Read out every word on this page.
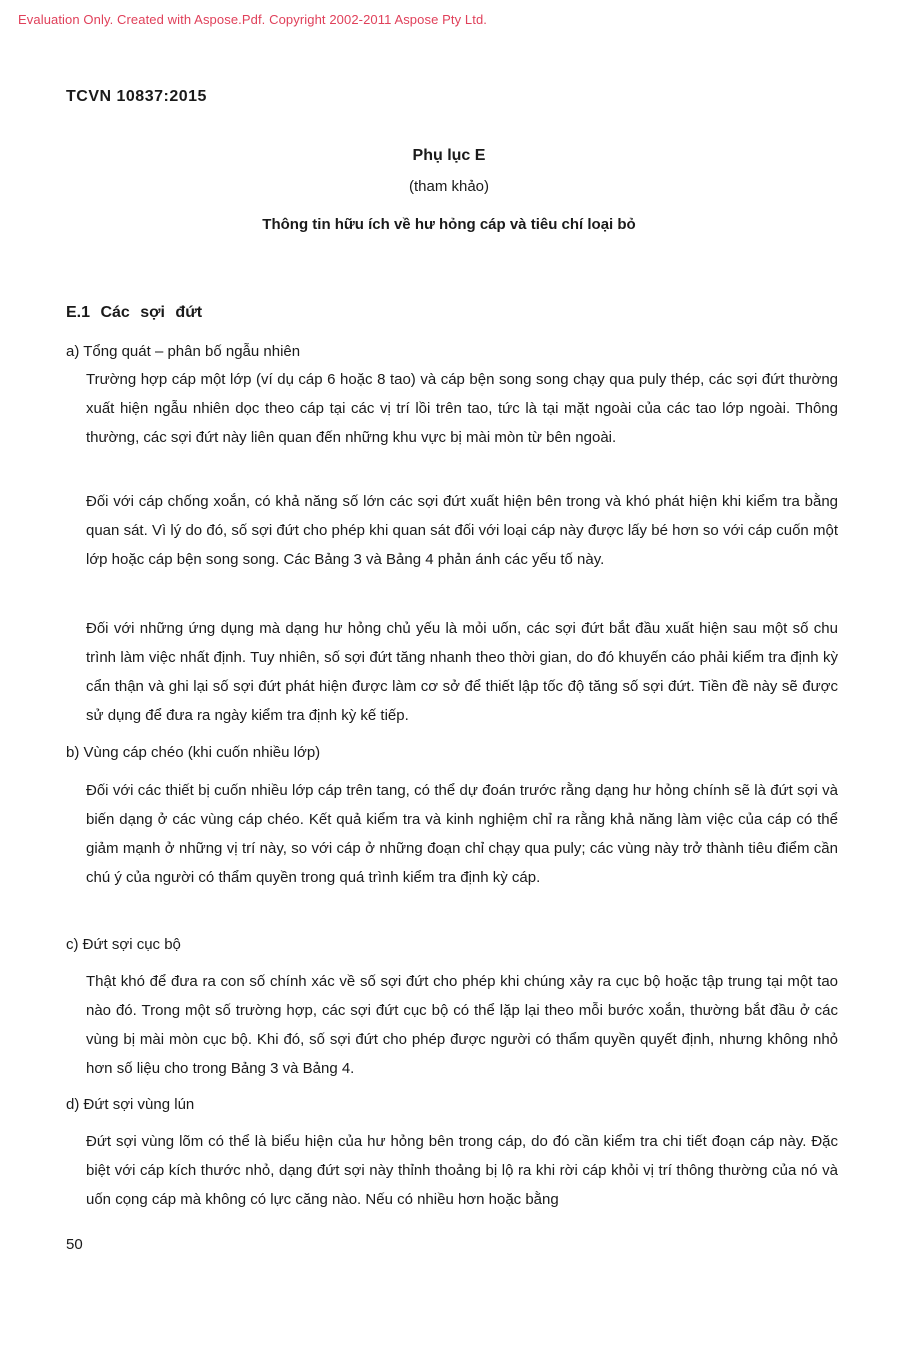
Evaluation Only. Created with Aspose.Pdf. Copyright 2002-2011 Aspose Pty Ltd.
TCVN 10837:2015
Phụ lục E
(tham khảo)
Thông tin hữu ích về hư hỏng cáp và tiêu chí loại bỏ
E.1 Các sợi đứt
a) Tổng quát – phân bố ngẫu nhiên

Trường hợp cáp một lớp (ví dụ cáp 6 hoặc 8 tao) và cáp bện song song chạy qua puly thép, các sợi đứt thường xuất hiện ngẫu nhiên dọc theo cáp tại các vị trí lồi trên tao, tức là tại mặt ngoài của các tao lớp ngoài. Thông thường, các sợi đứt này liên quan đến những khu vực bị mài mòn từ bên ngoài.

Đối với cáp chống xoắn, có khả năng số lớn các sợi đứt xuất hiện bên trong và khó phát hiện khi kiểm tra bằng quan sát. Vì lý do đó, số sợi đứt cho phép khi quan sát đối với loại cáp này được lấy bé hơn so với cáp cuốn một lớp hoặc cáp bện song song. Các Bảng 3 và Bảng 4 phản ánh các yếu tố này.

Đối với những ứng dụng mà dạng hư hỏng chủ yếu là mỏi uốn, các sợi đứt bắt đầu xuất hiện sau một số chu trình làm việc nhất định. Tuy nhiên, số sợi đứt tăng nhanh theo thời gian, do đó khuyến cáo phải kiểm tra định kỳ cẩn thận và ghi lại số sợi đứt phát hiện được làm cơ sở để thiết lập tốc độ tăng số sợi đứt. Tiền đề này sẽ được sử dụng để đưa ra ngày kiểm tra định kỳ kế tiếp.

b) Vùng cáp chéo (khi cuốn nhiều lớp)

Đối với các thiết bị cuốn nhiều lớp cáp trên tang, có thể dự đoán trước rằng dạng hư hỏng chính sẽ là đứt sợi và biến dạng ở các vùng cáp chéo. Kết quả kiểm tra và kinh nghiệm chỉ ra rằng khả năng làm việc của cáp có thể giảm mạnh ở những vị trí này, so với cáp ở những đoạn chỉ chạy qua puly; các vùng này trở thành tiêu điểm cần chú ý của người có thẩm quyền trong quá trình kiểm tra định kỳ cáp.

c) Đứt sợi cục bộ

Thật khó để đưa ra con số chính xác về số sợi đứt cho phép khi chúng xảy ra cục bộ hoặc tập trung tại một tao nào đó. Trong một số trường hợp, các sợi đứt cục bộ có thể lặp lại theo mỗi bước xoắn, thường bắt đầu ở các vùng bị mài mòn cục bộ. Khi đó, số sợi đứt cho phép được người có thẩm quyền quyết định, nhưng không nhỏ hơn số liệu cho trong Bảng 3 và Bảng 4.

d) Đứt sợi vùng lún

Đứt sợi vùng lõm có thể là biểu hiện của hư hỏng bên trong cáp, do đó cần kiểm tra chi tiết đoạn cáp này. Đặc biệt với cáp kích thước nhỏ, dạng đứt sợi này thỉnh thoảng bị lộ ra khi rời cáp khỏi vị trí thông thường của nó và uốn cọng cáp mà không có lực căng nào. Nếu có nhiều hơn hoặc bằng

50
